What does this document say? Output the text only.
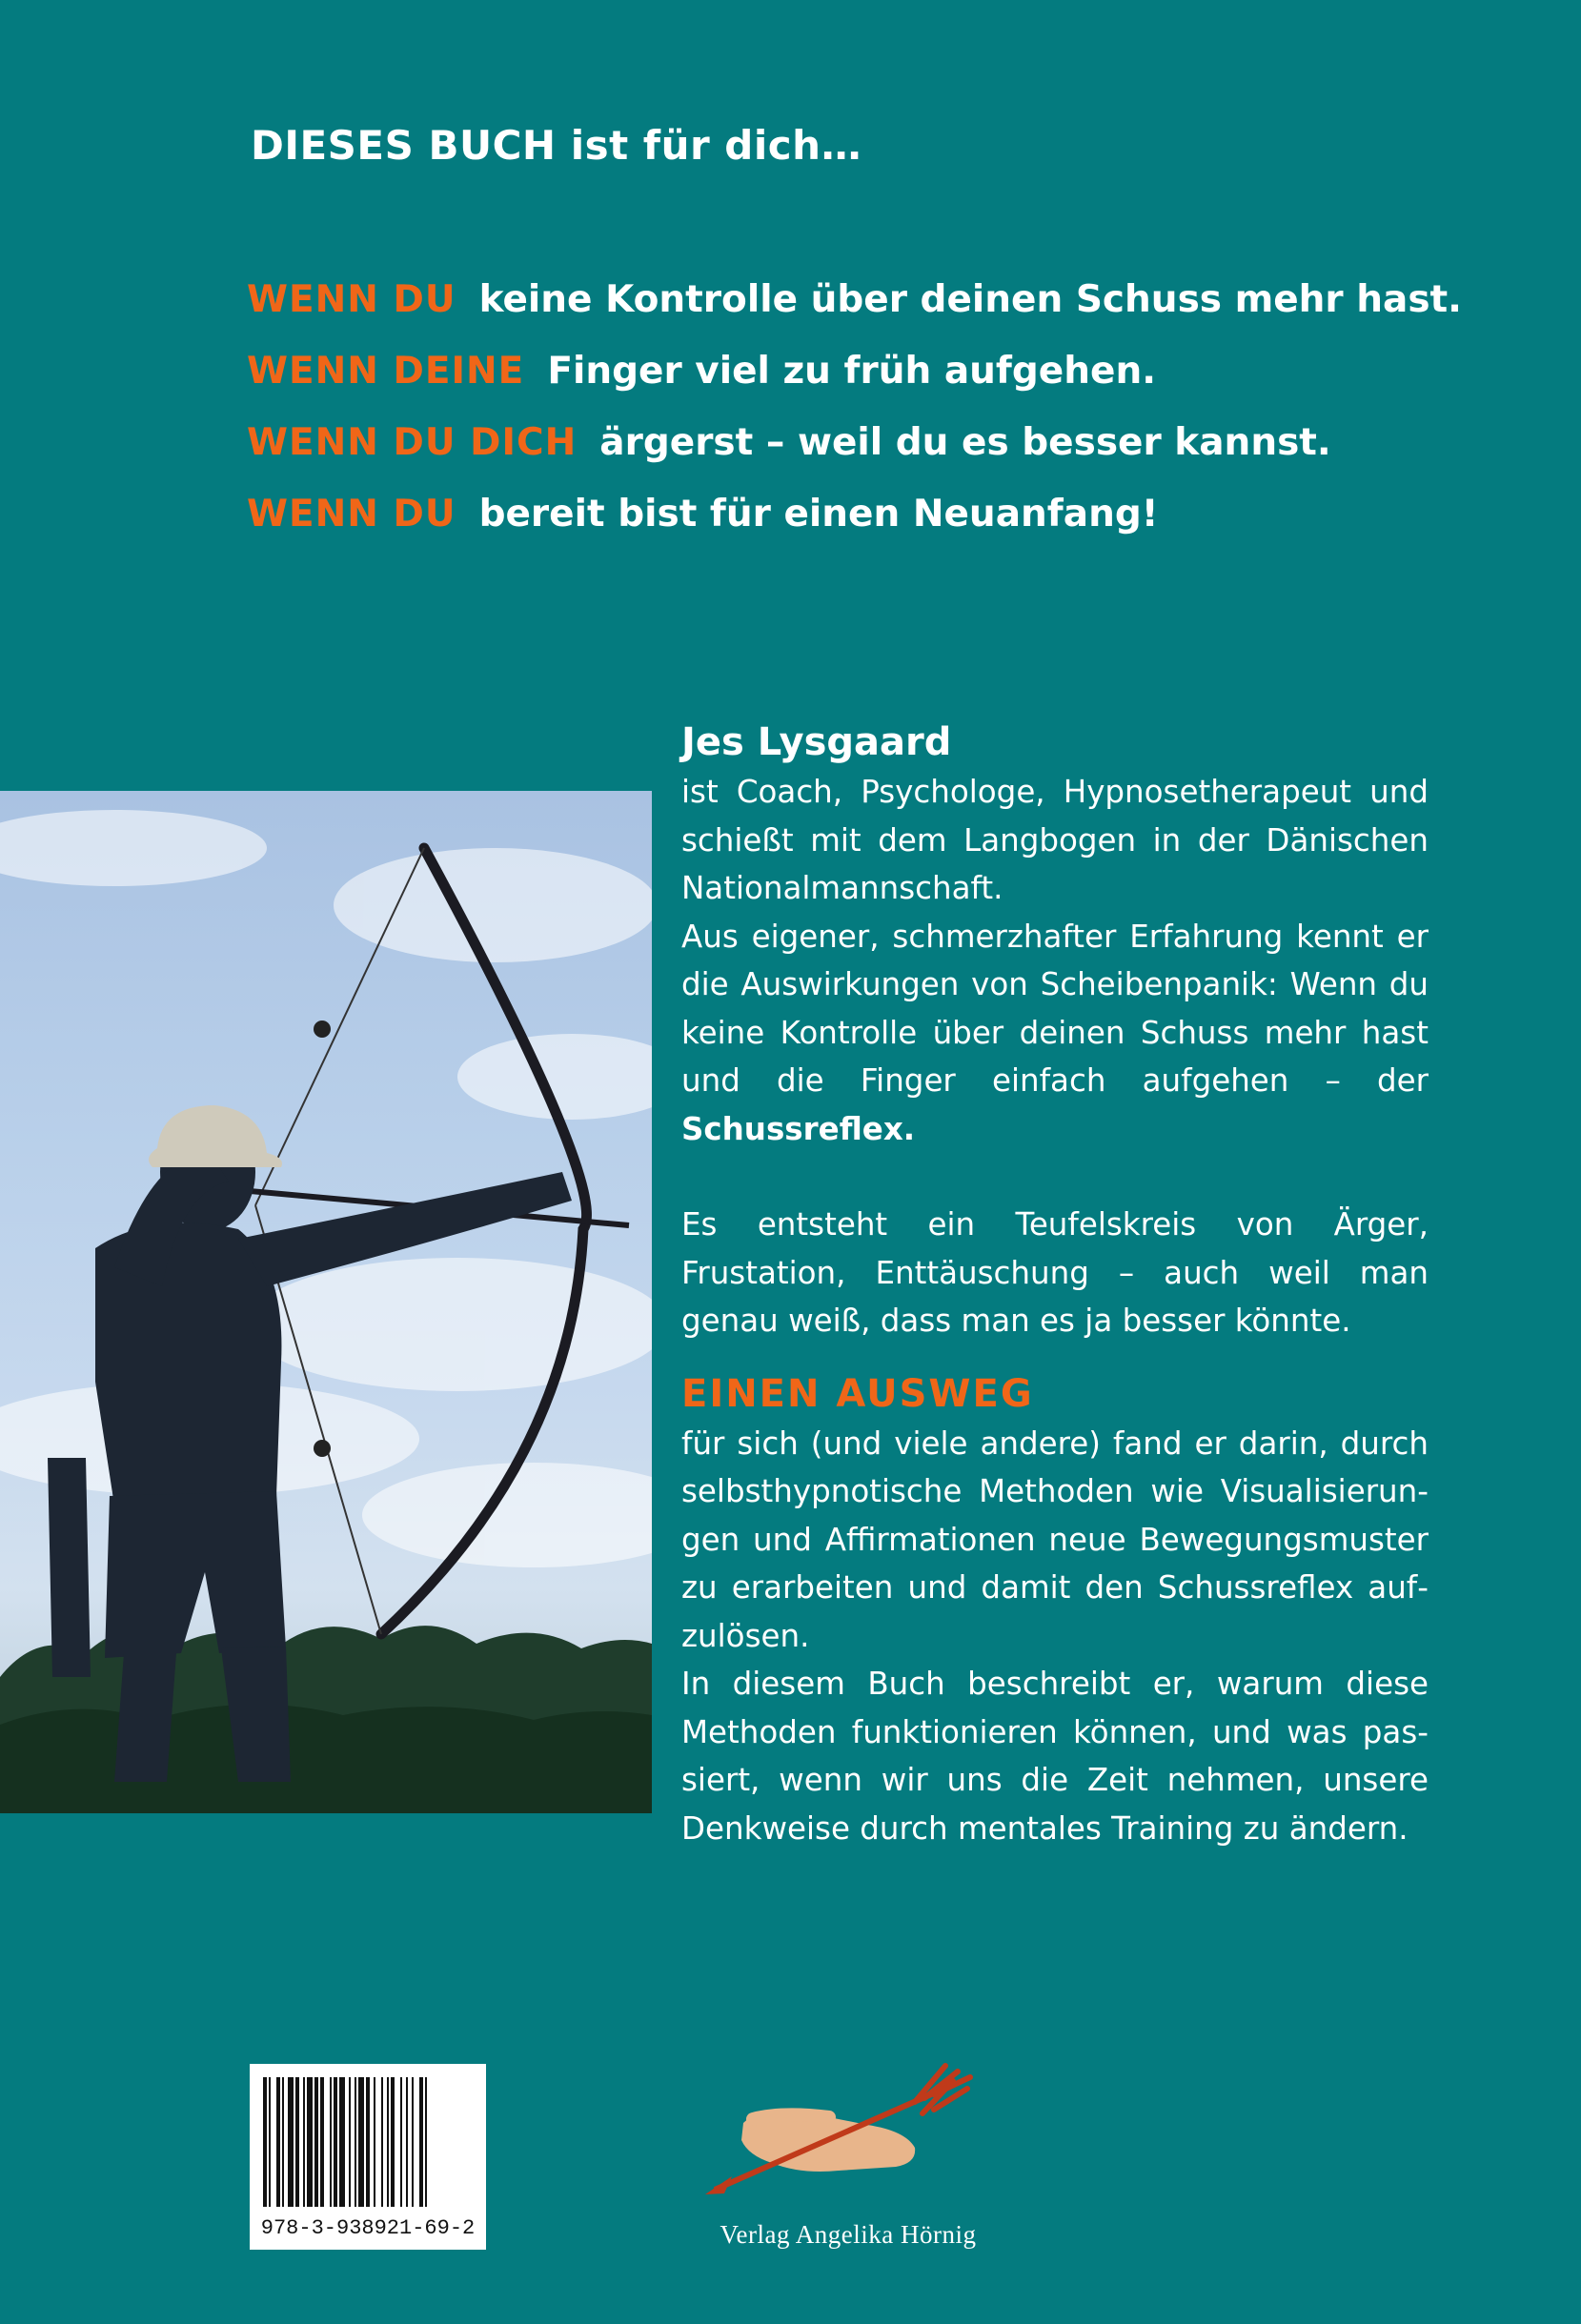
DIESES BUCH ist für dich…
WENN DU keine Kontrolle über deinen Schuss mehr hast.
WENN DEINE Finger viel zu früh aufgehen.
WENN DU DICH ärgerst – weil du es besser kannst.
WENN DU bereit bist für einen Neuanfang!
Jes Lysgaard

ist Coach, Psychologe, Hypnosetherapeut und schießt mit dem Langbogen in der Dänischen Nationalmannschaft.

Aus eigener, schmerzhafter Erfahrung kennt er die Auswirkungen von Scheibenpanik: Wenn du keine Kontrolle über deinen Schuss mehr hast und die Finger einfach aufgehen – der Schussreflex.

Es entsteht ein Teufelskreis von Ärger, Frustation, Enttäuschung – auch weil man genau weiß, dass man es ja besser könnte.

EINEN AUSWEG

für sich (und viele andere) fand er darin, durch selbsthypnotische Methoden wie Visualisierungen und Affirmationen neue Bewegungsmuster zu erarbeiten und damit den Schussreflex aufzulösen.

In diesem Buch beschreibt er, warum diese Methoden funktionieren können, und was passiert, wenn wir uns die Zeit nehmen, unsere Denkweise durch mentales Training zu ändern.

978-3-938921-69-2	Verlag Angelika Hörnig
